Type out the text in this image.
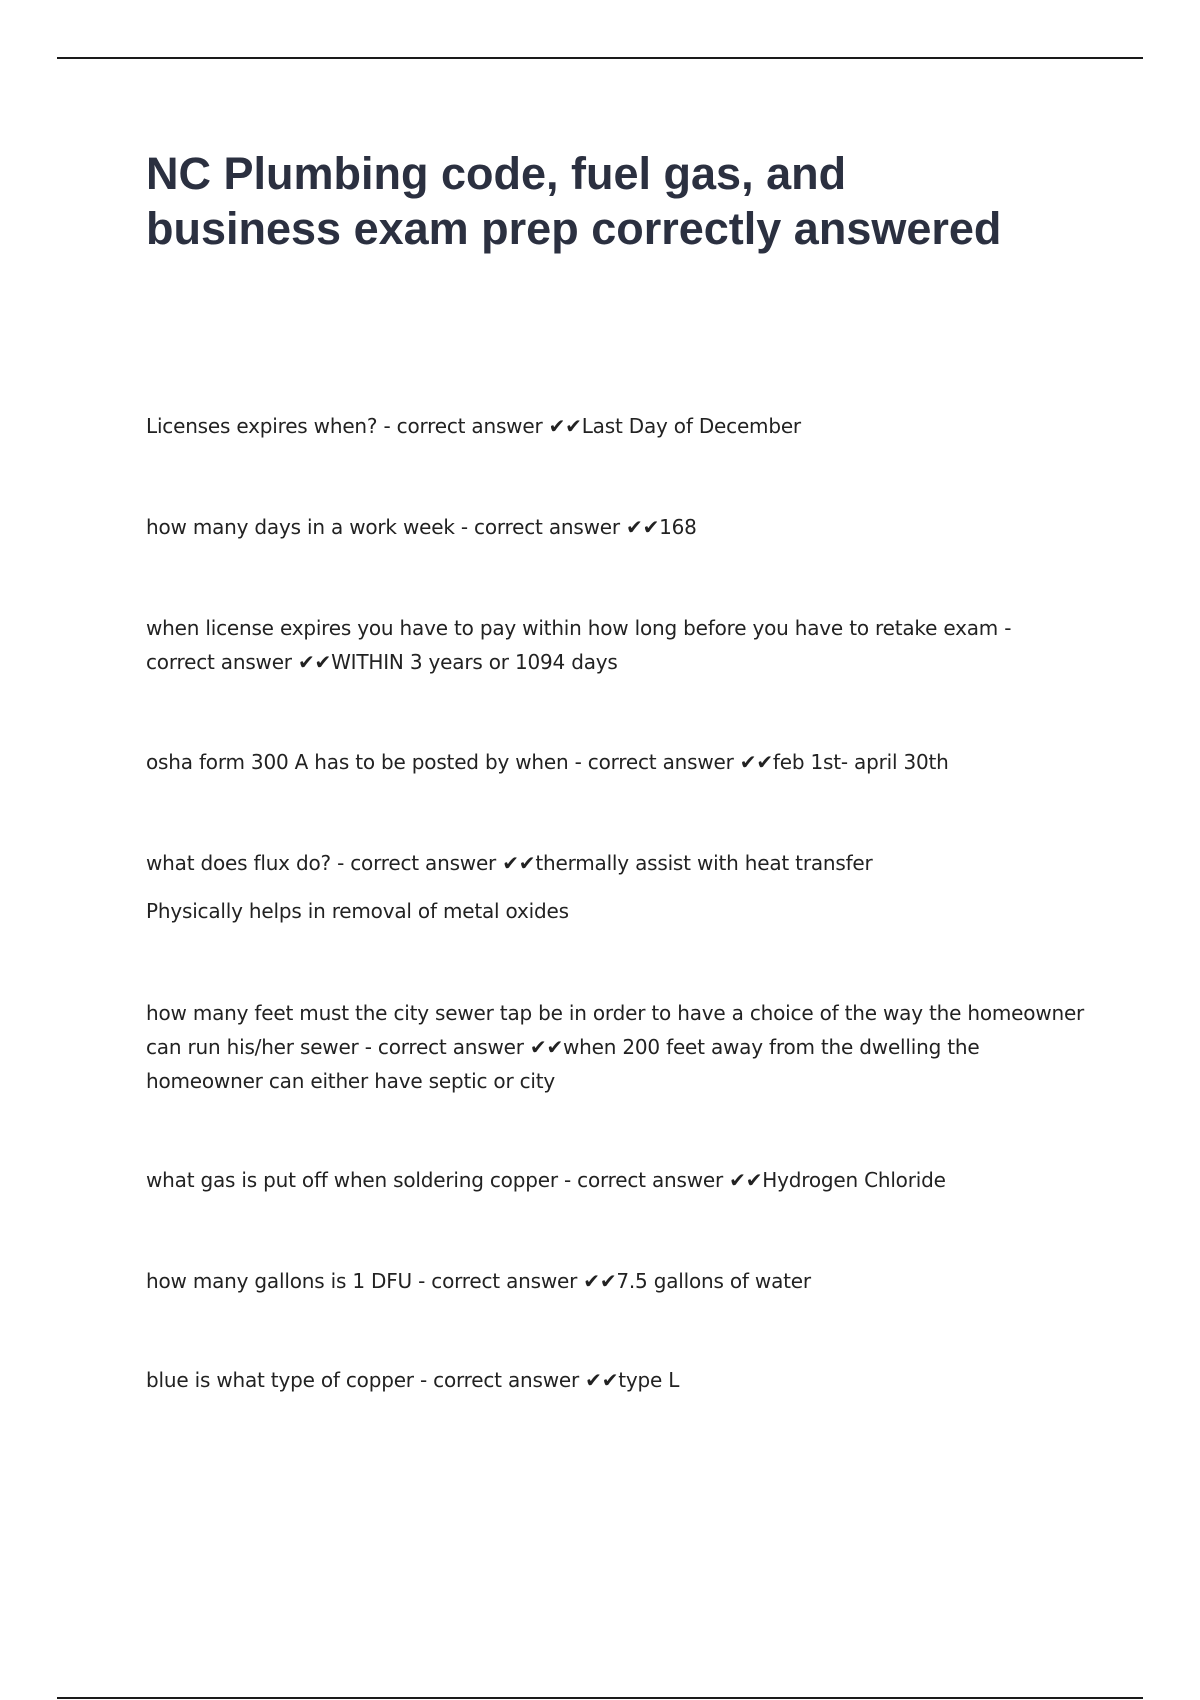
NC Plumbing code, fuel gas, and business exam prep correctly answered

Licenses expires when? - correct answer ✔✔Last Day of December

how many days in a work week - correct answer ✔✔168

when license expires you have to pay within how long before you have to retake exam - correct answer ✔✔WITHIN 3 years or 1094 days

osha form 300 A has to be posted by when - correct answer ✔✔feb 1st- april 30th

what does flux do? - correct answer ✔✔thermally assist with heat transfer

Physically helps in removal of metal oxides

how many feet must the city sewer tap be in order to have a choice of the way the homeowner can run his/her sewer - correct answer ✔✔when 200 feet away from the dwelling the homeowner can either have septic or city

what gas is put off when soldering copper - correct answer ✔✔Hydrogen Chloride

how many gallons is 1 DFU - correct answer ✔✔7.5 gallons of water

blue is what type of copper - correct answer ✔✔type L
